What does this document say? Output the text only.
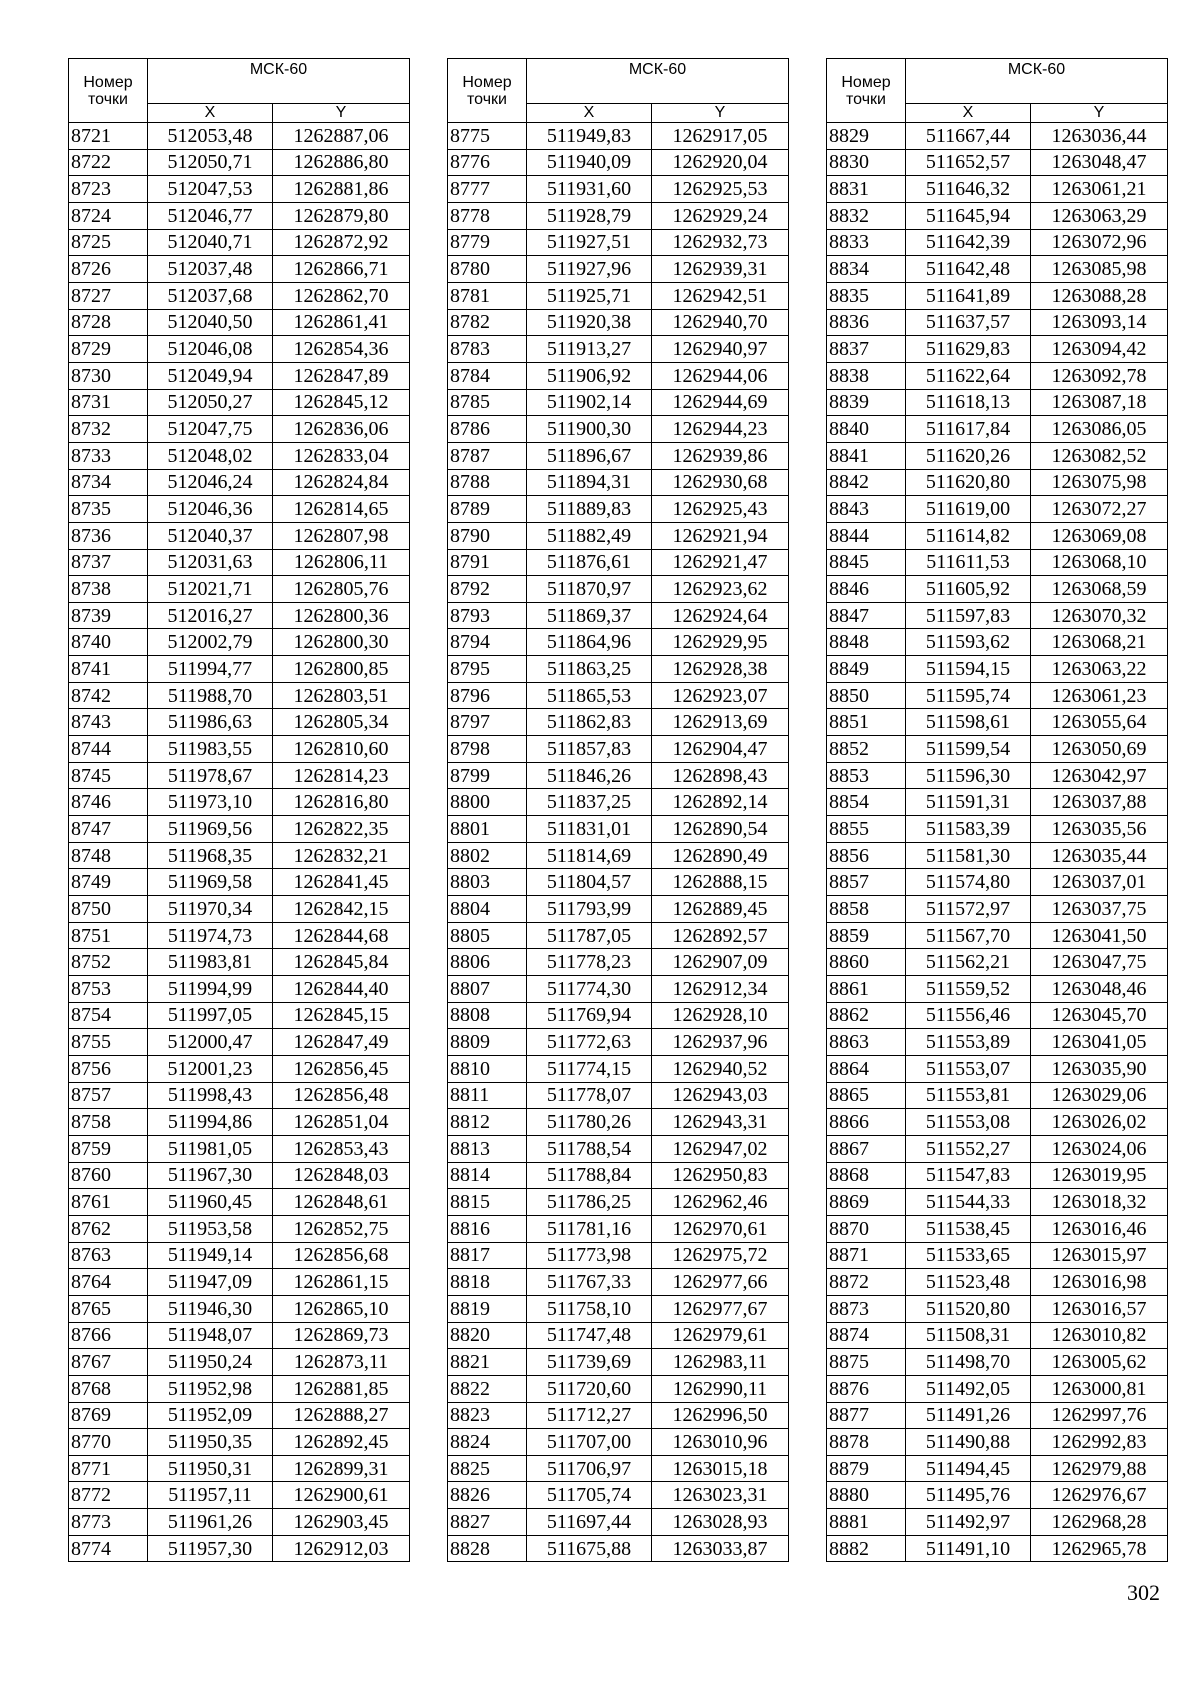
Номер точки	МСК-60	
	X	Y
8721	512053,48	1262887,06
8722	512050,71	1262886,80
8723	512047,53	1262881,86
8724	512046,77	1262879,80
8725	512040,71	1262872,92
8726	512037,48	1262866,71
8727	512037,68	1262862,70
8728	512040,50	1262861,41
8729	512046,08	1262854,36
8730	512049,94	1262847,89
8731	512050,27	1262845,12
8732	512047,75	1262836,06
8733	512048,02	1262833,04
8734	512046,24	1262824,84
8735	512046,36	1262814,65
8736	512040,37	1262807,98
8737	512031,63	1262806,11
8738	512021,71	1262805,76
8739	512016,27	1262800,36
8740	512002,79	1262800,30
8741	511994,77	1262800,85
8742	511988,70	1262803,51
8743	511986,63	1262805,34
8744	511983,55	1262810,60
8745	511978,67	1262814,23
8746	511973,10	1262816,80
8747	511969,56	1262822,35
8748	511968,35	1262832,21
8749	511969,58	1262841,45
8750	511970,34	1262842,15
8751	511974,73	1262844,68
8752	511983,81	1262845,84
8753	511994,99	1262844,40
8754	511997,05	1262845,15
8755	512000,47	1262847,49
8756	512001,23	1262856,45
8757	511998,43	1262856,48
8758	511994,86	1262851,04
8759	511981,05	1262853,43
8760	511967,30	1262848,03
8761	511960,45	1262848,61
8762	511953,58	1262852,75
8763	511949,14	1262856,68
8764	511947,09	1262861,15
8765	511946,30	1262865,10
8766	511948,07	1262869,73
8767	511950,24	1262873,11
8768	511952,98	1262881,85
8769	511952,09	1262888,27
8770	511950,35	1262892,45
8771	511950,31	1262899,31
8772	511957,11	1262900,61
8773	511961,26	1262903,45
8774	511957,30	1262912,03
Номер точки	МСК-60	
	X	Y
8775	511949,83	1262917,05
8776	511940,09	1262920,04
8777	511931,60	1262925,53
8778	511928,79	1262929,24
8779	511927,51	1262932,73
8780	511927,96	1262939,31
8781	511925,71	1262942,51
8782	511920,38	1262940,70
8783	511913,27	1262940,97
8784	511906,92	1262944,06
8785	511902,14	1262944,69
8786	511900,30	1262944,23
8787	511896,67	1262939,86
8788	511894,31	1262930,68
8789	511889,83	1262925,43
8790	511882,49	1262921,94
8791	511876,61	1262921,47
8792	511870,97	1262923,62
8793	511869,37	1262924,64
8794	511864,96	1262929,95
8795	511863,25	1262928,38
8796	511865,53	1262923,07
8797	511862,83	1262913,69
8798	511857,83	1262904,47
8799	511846,26	1262898,43
8800	511837,25	1262892,14
8801	511831,01	1262890,54
8802	511814,69	1262890,49
8803	511804,57	1262888,15
8804	511793,99	1262889,45
8805	511787,05	1262892,57
8806	511778,23	1262907,09
8807	511774,30	1262912,34
8808	511769,94	1262928,10
8809	511772,63	1262937,96
8810	511774,15	1262940,52
8811	511778,07	1262943,03
8812	511780,26	1262943,31
8813	511788,54	1262947,02
8814	511788,84	1262950,83
8815	511786,25	1262962,46
8816	511781,16	1262970,61
8817	511773,98	1262975,72
8818	511767,33	1262977,66
8819	511758,10	1262977,67
8820	511747,48	1262979,61
8821	511739,69	1262983,11
8822	511720,60	1262990,11
8823	511712,27	1262996,50
8824	511707,00	1263010,96
8825	511706,97	1263015,18
8826	511705,74	1263023,31
8827	511697,44	1263028,93
8828	511675,88	1263033,87
Номер точки	МСК-60	
	X	Y
8829	511667,44	1263036,44
8830	511652,57	1263048,47
8831	511646,32	1263061,21
8832	511645,94	1263063,29
8833	511642,39	1263072,96
8834	511642,48	1263085,98
8835	511641,89	1263088,28
8836	511637,57	1263093,14
8837	511629,83	1263094,42
8838	511622,64	1263092,78
8839	511618,13	1263087,18
8840	511617,84	1263086,05
8841	511620,26	1263082,52
8842	511620,80	1263075,98
8843	511619,00	1263072,27
8844	511614,82	1263069,08
8845	511611,53	1263068,10
8846	511605,92	1263068,59
8847	511597,83	1263070,32
8848	511593,62	1263068,21
8849	511594,15	1263063,22
8850	511595,74	1263061,23
8851	511598,61	1263055,64
8852	511599,54	1263050,69
8853	511596,30	1263042,97
8854	511591,31	1263037,88
8855	511583,39	1263035,56
8856	511581,30	1263035,44
8857	511574,80	1263037,01
8858	511572,97	1263037,75
8859	511567,70	1263041,50
8860	511562,21	1263047,75
8861	511559,52	1263048,46
8862	511556,46	1263045,70
8863	511553,89	1263041,05
8864	511553,07	1263035,90
8865	511553,81	1263029,06
8866	511553,08	1263026,02
8867	511552,27	1263024,06
8868	511547,83	1263019,95
8869	511544,33	1263018,32
8870	511538,45	1263016,46
8871	511533,65	1263015,97
8872	511523,48	1263016,98
8873	511520,80	1263016,57
8874	511508,31	1263010,82
8875	511498,70	1263005,62
8876	511492,05	1263000,81
8877	511491,26	1262997,76
8878	511490,88	1262992,83
8879	511494,45	1262979,88
8880	511495,76	1262976,67
8881	511492,97	1262968,28
8882	511491,10	1262965,78
302
